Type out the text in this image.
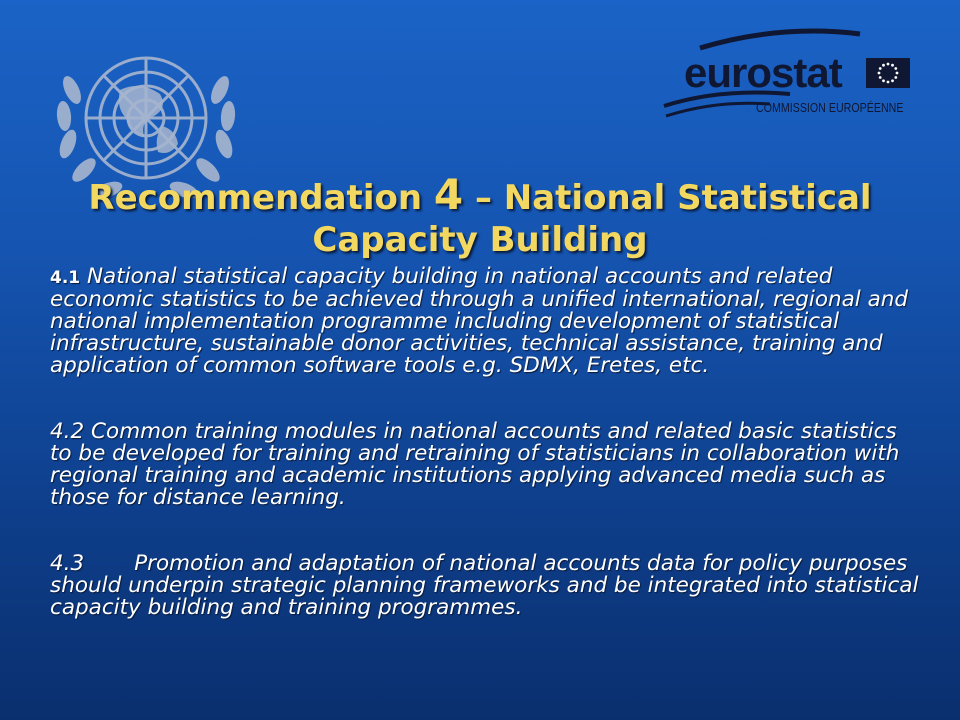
eurostat
COMMISSION EUROPÉENNE
Recommendation 4 – National Statistical Capacity Building

4.1 National statistical capacity building in national accounts and related economic statistics to be achieved through a unified international, regional and national implementation programme including development of statistical infrastructure, sustainable donor activities, technical assistance, training and application of common software tools e.g. SDMX, Eretes, etc.

4.2 Common training modules in national accounts and related basic statistics to be developed for training and retraining of statisticians in collaboration with regional training and academic institutions applying advanced media such as those for distance learning.

4.3 Promotion and adaptation of national accounts data for policy purposes should underpin strategic planning frameworks and be integrated into statistical capacity building and training programmes.
